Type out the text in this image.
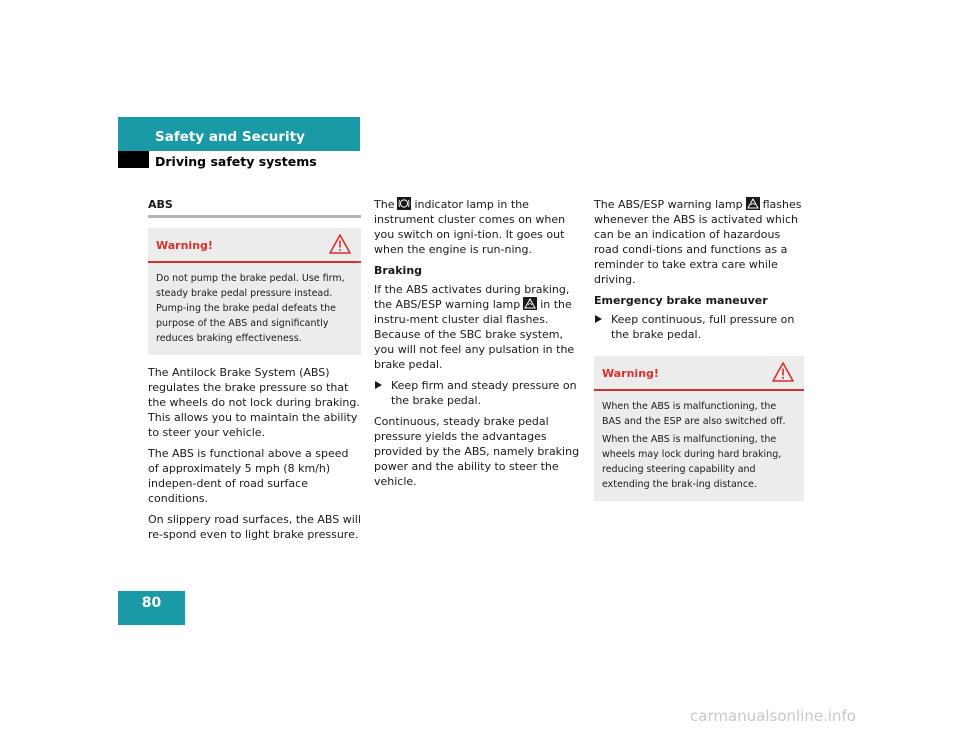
Safety and Security
Driving safety systems
ABS
Warning!

Do not pump the brake pedal. Use firm, steady brake pedal pressure instead. Pump-ing the brake pedal defeats the purpose of the ABS and significantly reduces braking effectiveness.

The Antilock Brake System (ABS) regulates the brake pressure so that the wheels do not lock during braking. This allows you to maintain the ability to steer your vehicle.

The ABS is functional above a speed of approximately 5 mph (8 km/h) indepen-dent of road surface conditions.

On slippery road surfaces, the ABS will re-spond even to light brake pressure.

The indicator lamp in the instrument cluster comes on when you switch on igni-tion. It goes out when the engine is run-ning.

Braking

If the ABS activates during braking, the ABS/ESP warning lamp in the instru-ment cluster dial flashes. Because of the SBC brake system, you will not feel any pulsation in the brake pedal.

Keep firm and steady pressure on the brake pedal.

Continuous, steady brake pedal pressure yields the advantages provided by the ABS, namely braking power and the ability to steer the vehicle.

The ABS/ESP warning lamp flashes whenever the ABS is activated which can be an indication of hazardous road condi-tions and functions as a reminder to take extra care while driving.

Emergency brake maneuver
Keep continuous, full pressure on the brake pedal.
Warning!

When the ABS is malfunctioning, the BAS and the ESP are also switched off.

When the ABS is malfunctioning, the wheels may lock during hard braking, reducing steering capability and extending the brak-ing distance.

80
carmanualsonline.info
